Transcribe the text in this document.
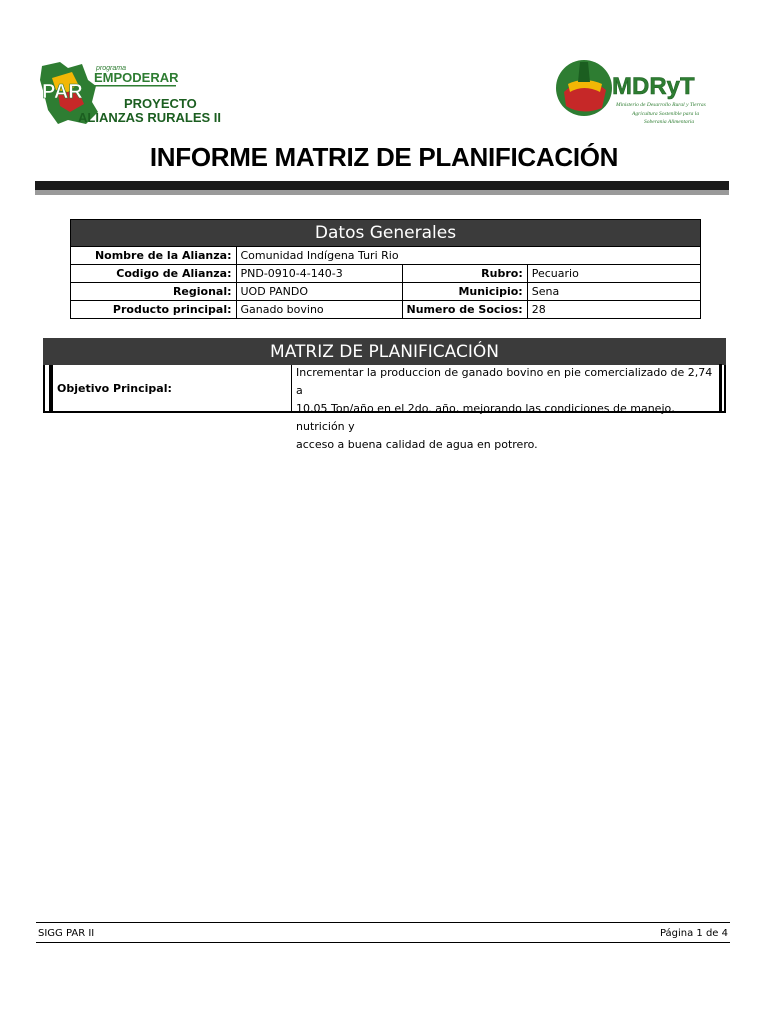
PAR
programa
EMPODERAR
PROYECTO
ALIANZAS RURALES II
MDRyT
Ministerio de Desarrollo Rural y Tierras
Agricultura Sostenible para la
Soberania Alimentaria
INFORME MATRIZ DE PLANIFICACIÓN
Datos Generales
Nombre de la Alianza:	Comunidad Indígena Turi Rio		
Codigo de Alianza:	PND-0910-4-140-3	Rubro:	Pecuario
Regional:	UOD PANDO	Municipio:	Sena
Producto principal:	Ganado bovino	Numero de Socios:	28
MATRIZ DE PLANIFICACIÓN
Objetivo Principal:
Incrementar la produccion de ganado bovino en pie comercializado de 2,74 a
10,05 Ton/año en el 2do. año, mejorando las condiciones de manejo, nutrición y
acceso a buena calidad de agua en potrero.
SIGG PAR II	Página 1 de 4
